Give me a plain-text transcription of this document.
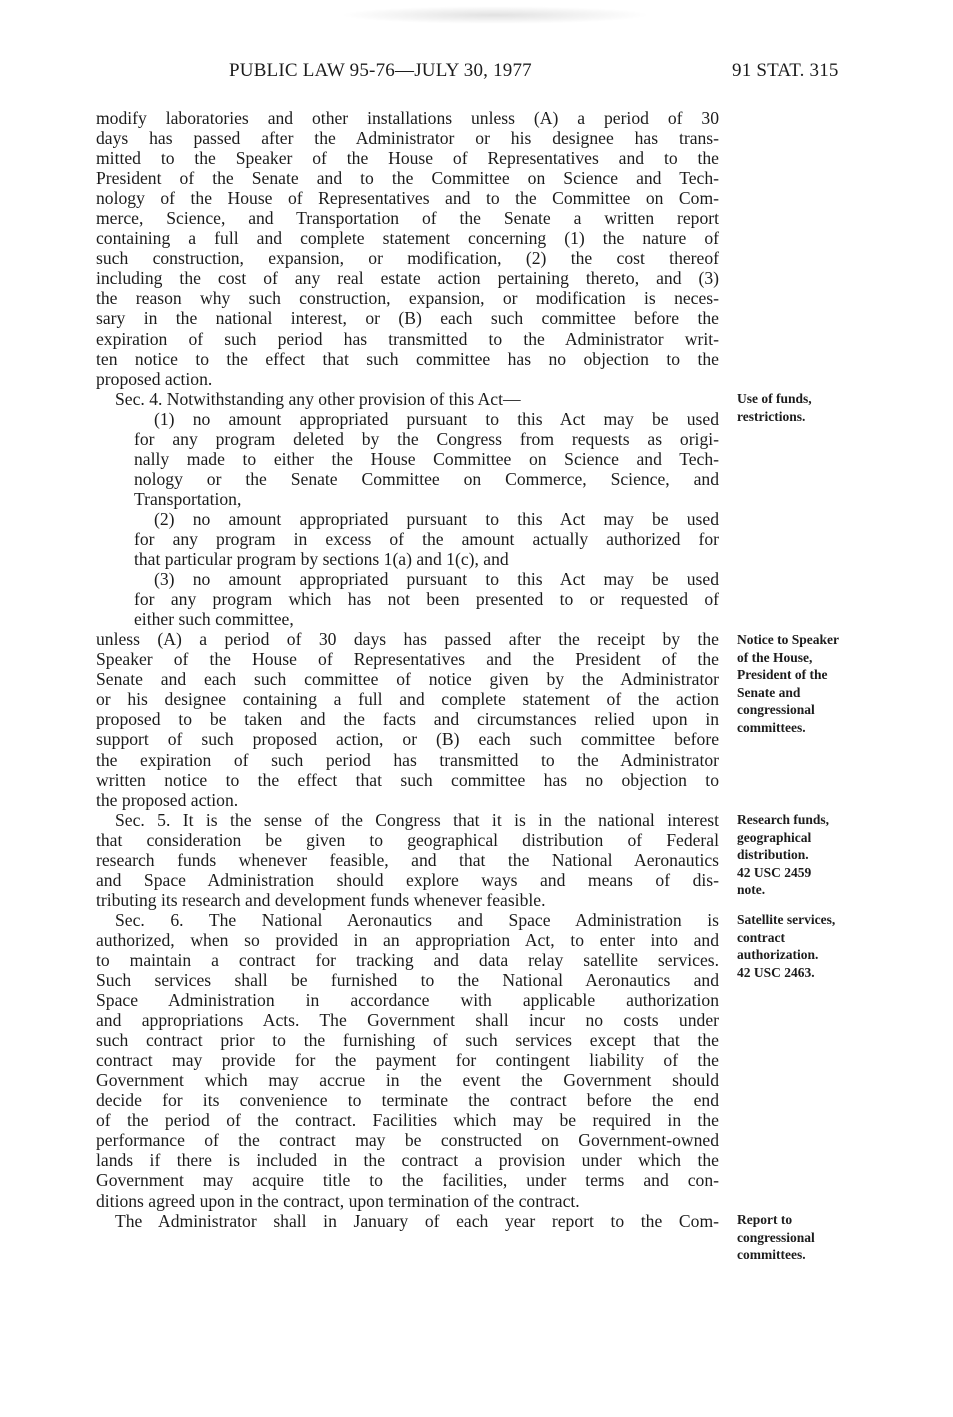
PUBLIC LAW 95-76—JULY 30, 1977	91 STAT. 315
modify laboratories and other installations unless (A) a period of 30
days has passed after the Administrator or his designee has trans-
mitted to the Speaker of the House of Representatives and to the
President of the Senate and to the Committee on Science and Tech-
nology of the House of Representatives and to the Committee on Com-
merce, Science, and Transportation of the Senate a written report
containing a full and complete statement concerning (1) the nature of
such construction, expansion, or modification, (2) the cost thereof
including the cost of any real estate action pertaining thereto, and (3)
the reason why such construction, expansion, or modification is neces-
sary in the national interest, or (B) each such committee before the
expiration of such period has transmitted to the Administrator writ-
ten notice to the effect that such committee has no objection to the
proposed action.
Sec. 4. Notwithstanding any other provision of this Act—
(1) no amount appropriated pursuant to this Act may be used
for any program deleted by the Congress from requests as origi-
nally made to either the House Committee on Science and Tech-
nology or the Senate Committee on Commerce, Science, and
Transportation,
(2) no amount appropriated pursuant to this Act may be used
for any program in excess of the amount actually authorized for
that particular program by sections 1(a) and 1(c), and
(3) no amount appropriated pursuant to this Act may be used
for any program which has not been presented to or requested of
either such committee,
unless (A) a period of 30 days has passed after the receipt by the
Speaker of the House of Representatives and the President of the
Senate and each such committee of notice given by the Administrator
or his designee containing a full and complete statement of the action
proposed to be taken and the facts and circumstances relied upon in
support of such proposed action, or (B) each such committee before
the expiration of such period has transmitted to the Administrator
written notice to the effect that such committee has no objection to
the proposed action.
Sec. 5. It is the sense of the Congress that it is in the national interest
that consideration be given to geographical distribution of Federal
research funds whenever feasible, and that the National Aeronautics
and Space Administration should explore ways and means of dis-
tributing its research and development funds whenever feasible.
Sec. 6. The National Aeronautics and Space Administration is
authorized, when so provided in an appropriation Act, to enter into and
to maintain a contract for tracking and data relay satellite services.
Such services shall be furnished to the National Aeronautics and
Space Administration in accordance with applicable authorization
and appropriations Acts. The Government shall incur no costs under
such contract prior to the furnishing of such services except that the
contract may provide for the payment for contingent liability of the
Government which may accrue in the event the Government should
decide for its convenience to terminate the contract before the end
of the period of the contract. Facilities which may be required in the
performance of the contract may be constructed on Government-owned
lands if there is included in the contract a provision under which the
Government may acquire title to the facilities, under terms and con-
ditions agreed upon in the contract, upon termination of the contract.
The Administrator shall in January of each year report to the Com-
Use of funds,
restrictions.
Notice to Speaker
of the House,
President of the
Senate and
congressional
committees.
Research funds,
geographical
distribution.
42 USC 2459
note.
Satellite services,
contract
authorization.
42 USC 2463.
Report to
congressional
committees.
